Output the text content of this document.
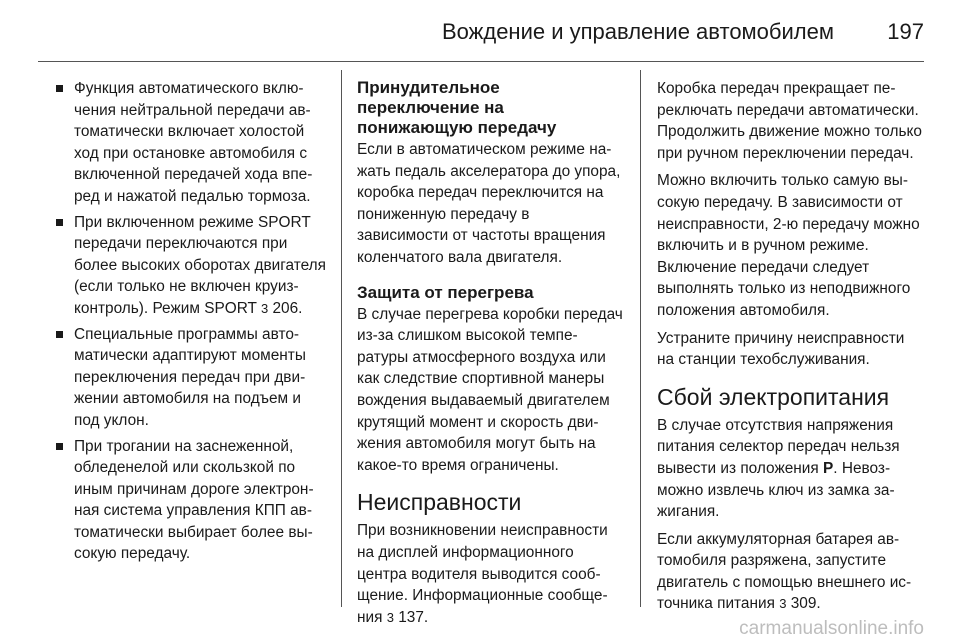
Вождение и управление автомобилем 197
Функция автоматического включения нейтральной передачи автоматически включает холостой ход при остановке автомобиля с включенной передачей хода вперед и нажатой педалью тормоза.
При включенном режиме SPORT передачи переключаются при более высоких оборотах двигателя (если только не включен круиз-контроль). Режим SPORT 3 206.
Специальные программы автоматически адаптируют моменты переключения передач при движении автомобиля на подъем и под уклон.
При трогании на заснеженной, обледенелой или скользкой по иным причинам дороге электронная система управления КПП автоматически выбирает более высокую передачу.
Принудительное переключение на понижающую передачу

Если в автоматическом режиме нажать педаль акселератора до упора, коробка передач переключится на пониженную передачу в зависимости от частоты вращения коленчатого вала двигателя.

Защита от перегрева

В случае перегрева коробки передач из-за слишком высокой температуры атмосферного воздуха или как следствие спортивной манеры вождения выдаваемый двигателем крутящий момент и скорость движения автомобиля могут быть на какое-то время ограничены.

Неисправности

При возникновении неисправности на дисплей информационного центра водителя выводится сообщение. Информационные сообщения 3 137.

Коробка передач прекращает переключать передачи автоматически. Продолжить движение можно только при ручном переключении передач.

Можно включить только самую высокую передачу. В зависимости от неисправности, 2-ю передачу можно включить и в ручном режиме. Включение передачи следует выполнять только из неподвижного положения автомобиля.

Устраните причину неисправности на станции техобслуживания.

Сбой электропитания

В случае отсутствия напряжения питания селектор передач нельзя вывести из положения P. Невозможно извлечь ключ из замка зажигания.

Если аккумуляторная батарея автомобиля разряжена, запустите двигатель с помощью внешнего источника питания 3 309.

carmanualsonline.info
